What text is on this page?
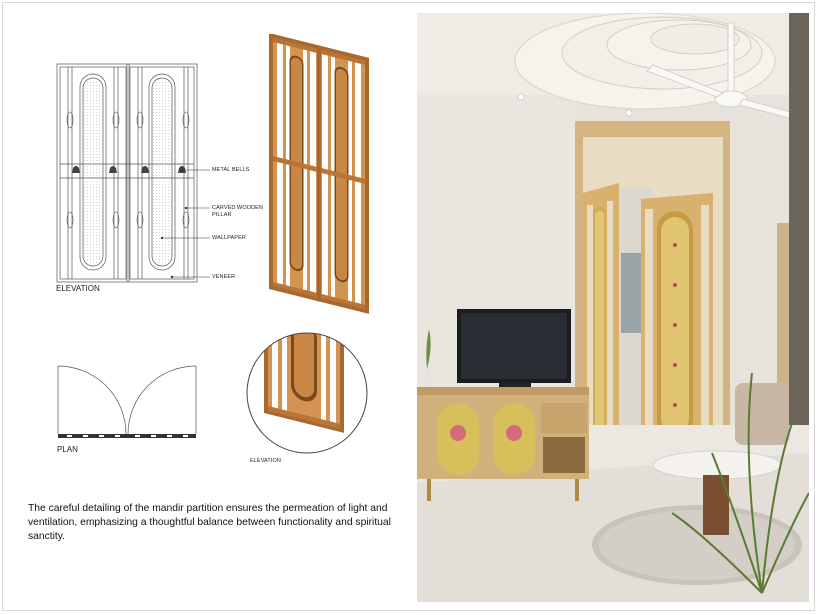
METAL BELLS
CARVED WOODEN
PILLAR
WALLPAPER
VENEER
ELEVATION
PLAN
ELEVATION
The careful detailing of the mandir partition ensures the permeation of light and ventilation, emphasizing a thoughtful balance between functionality and spiritual sanctity.
